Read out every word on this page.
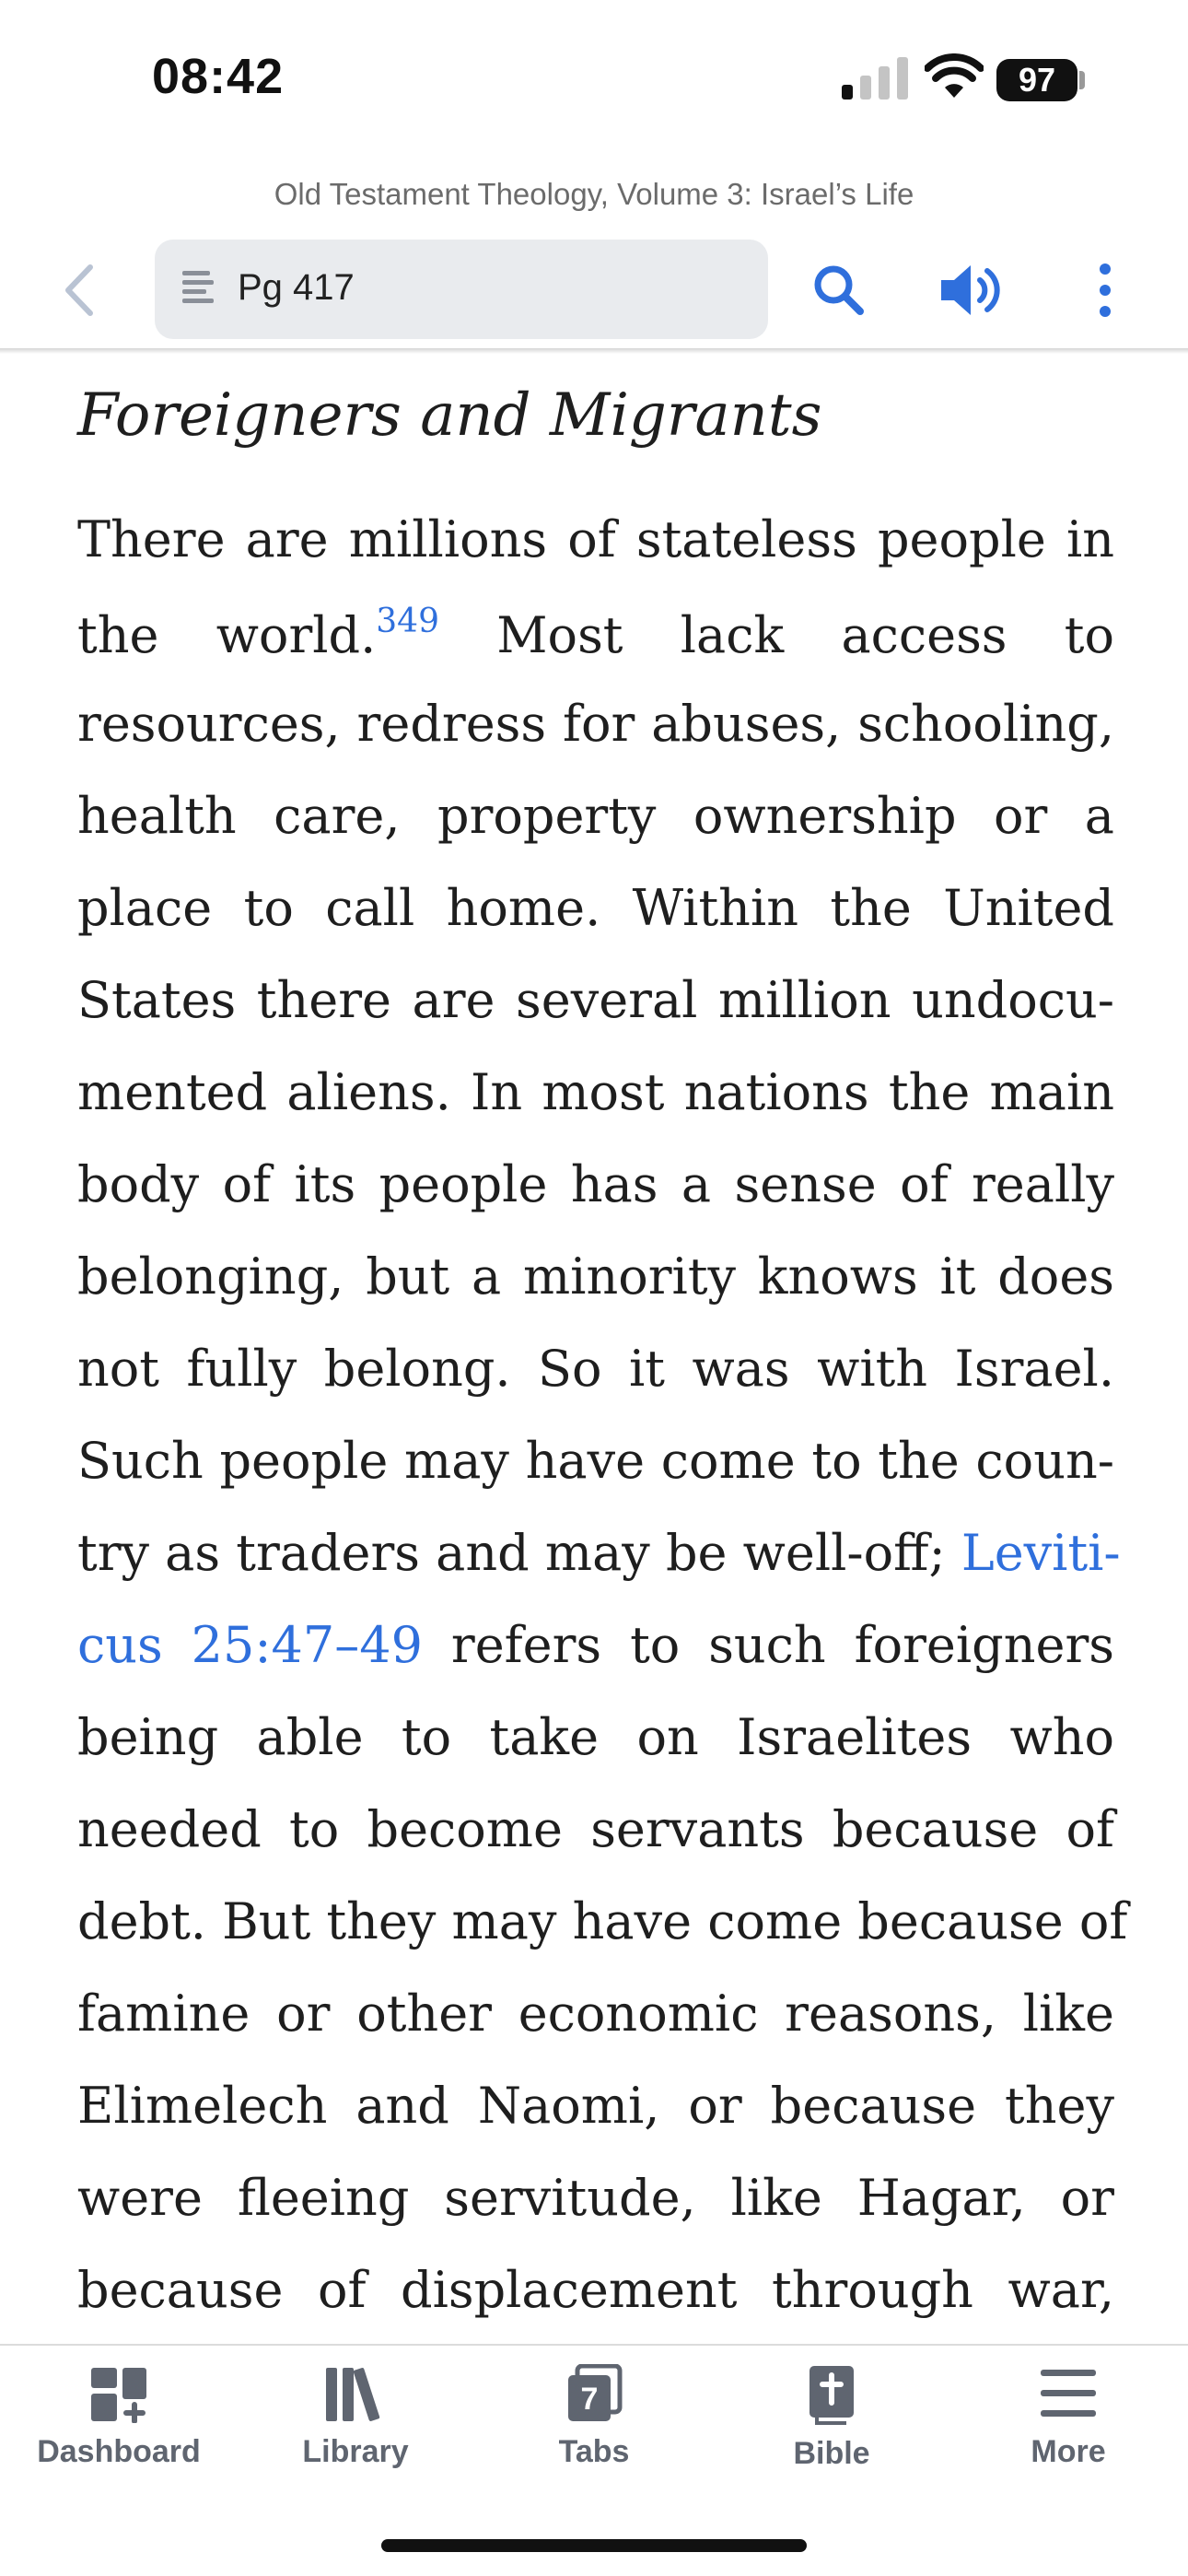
08:42	97
Old Testament Theology, Volume 3: Israel’s Life
Pg 417
Foreigners and Migrants
There are millions of stateless people in
the world.$^{349}$ Most lack access to
resources, redress for abuses, schooling,
health care, property ownership or a
place to call home. Within the United
States there are several million undocu-
mented aliens. In most nations the main
body of its people has a sense of really
belonging, but a minority knows it does
not fully belong. So it was with Israel.
Such people may have come to the coun-
try as traders and may be well-off; Leviti-
cus 25:47–49 refers to such foreigners
being able to take on Israelites who
needed to become servants because of
debt. But they may have come because of
famine or other economic reasons, like
Elimelech and Naomi, or because they
were fleeing servitude, like Hagar, or
because of displacement through war,
Dashboard	Library
7
Tabs	Bible	More
